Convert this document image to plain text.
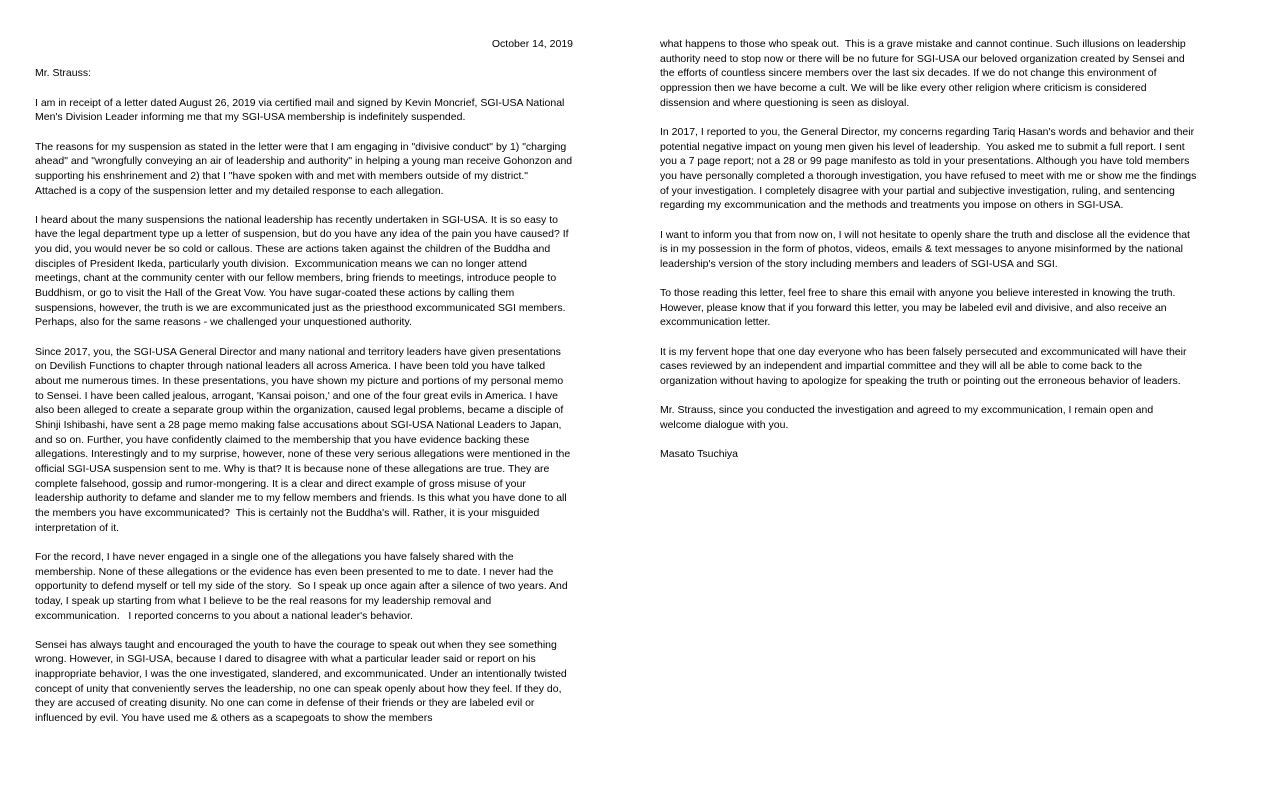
October 14, 2019

Mr. Strauss:

I am in receipt of a letter dated August 26, 2019 via certified mail and signed by Kevin Moncrief, SGI-USA National Men's Division Leader informing me that my SGI-USA membership is indefinitely suspended.

The reasons for my suspension as stated in the letter were that I am engaging in "divisive conduct" by 1) "charging ahead" and "wrongfully conveying an air of leadership and authority" in helping a young man receive Gohonzon and supporting his enshrinement and 2) that I "have spoken with and met with members outside of my district."  Attached is a copy of the suspension letter and my detailed response to each allegation.

I heard about the many suspensions the national leadership has recently undertaken in SGI-USA. It is so easy to have the legal department type up a letter of suspension, but do you have any idea of the pain you have caused? If you did, you would never be so cold or callous. These are actions taken against the children of the Buddha and disciples of President Ikeda, particularly youth division.  Excommunication means we can no longer attend meetings, chant at the community center with our fellow members, bring friends to meetings, introduce people to Buddhism, or go to visit the Hall of the Great Vow. You have sugar-coated these actions by calling them suspensions, however, the truth is we are excommunicated just as the priesthood excommunicated SGI members. Perhaps, also for the same reasons - we challenged your unquestioned authority.

Since 2017, you, the SGI-USA General Director and many national and territory leaders have given presentations on Devilish Functions to chapter through national leaders all across America. I have been told you have talked about me numerous times. In these presentations, you have shown my picture and portions of my personal memo to Sensei. I have been called jealous, arrogant, 'Kansai poison,' and one of the four great evils in America. I have also been alleged to create a separate group within the organization, caused legal problems, became a disciple of Shinji Ishibashi, have sent a 28 page memo making false accusations about SGI-USA National Leaders to Japan, and so on. Further, you have confidently claimed to the membership that you have evidence backing these allegations. Interestingly and to my surprise, however, none of these very serious allegations were mentioned in the official SGI-USA suspension sent to me. Why is that? It is because none of these allegations are true. They are complete falsehood, gossip and rumor-mongering. It is a clear and direct example of gross misuse of your leadership authority to defame and slander me to my fellow members and friends. Is this what you have done to all the members you have excommunicated?  This is certainly not the Buddha's will. Rather, it is your misguided interpretation of it.

For the record, I have never engaged in a single one of the allegations you have falsely shared with the membership. None of these allegations or the evidence has even been presented to me to date. I never had the opportunity to defend myself or tell my side of the story.  So I speak up once again after a silence of two years. And today, I speak up starting from what I believe to be the real reasons for my leadership removal and excommunication.   I reported concerns to you about a national leader's behavior.

Sensei has always taught and encouraged the youth to have the courage to speak out when they see something wrong. However, in SGI-USA, because I dared to disagree with what a particular leader said or report on his inappropriate behavior, I was the one investigated, slandered, and excommunicated. Under an intentionally twisted concept of unity that conveniently serves the leadership, no one can speak openly about how they feel. If they do, they are accused of creating disunity. No one can come in defense of their friends or they are labeled evil or influenced by evil. You have used me & others as a scapegoats to show the members

what happens to those who speak out.  This is a grave mistake and cannot continue. Such illusions on leadership authority need to stop now or there will be no future for SGI-USA our beloved organization created by Sensei and the efforts of countless sincere members over the last six decades. If we do not change this environment of oppression then we have become a cult. We will be like every other religion where criticism is considered dissension and where questioning is seen as disloyal.

In 2017, I reported to you, the General Director, my concerns regarding Tariq Hasan's words and behavior and their potential negative impact on young men given his level of leadership.  You asked me to submit a full report. I sent you a 7 page report; not a 28 or 99 page manifesto as told in your presentations. Although you have told members you have personally completed a thorough investigation, you have refused to meet with me or show me the findings of your investigation. I completely disagree with your partial and subjective investigation, ruling, and sentencing regarding my excommunication and the methods and treatments you impose on others in SGI-USA.

I want to inform you that from now on, I will not hesitate to openly share the truth and disclose all the evidence that is in my possession in the form of photos, videos, emails & text messages to anyone misinformed by the national leadership's version of the story including members and leaders of SGI-USA and SGI.

To those reading this letter, feel free to share this email with anyone you believe interested in knowing the truth. However, please know that if you forward this letter, you may be labeled evil and divisive, and also receive an excommunication letter.

It is my fervent hope that one day everyone who has been falsely persecuted and excommunicated will have their cases reviewed by an independent and impartial committee and they will all be able to come back to the organization without having to apologize for speaking the truth or pointing out the erroneous behavior of leaders.

Mr. Strauss, since you conducted the investigation and agreed to my excommunication, I remain open and welcome dialogue with you.

Masato Tsuchiya
